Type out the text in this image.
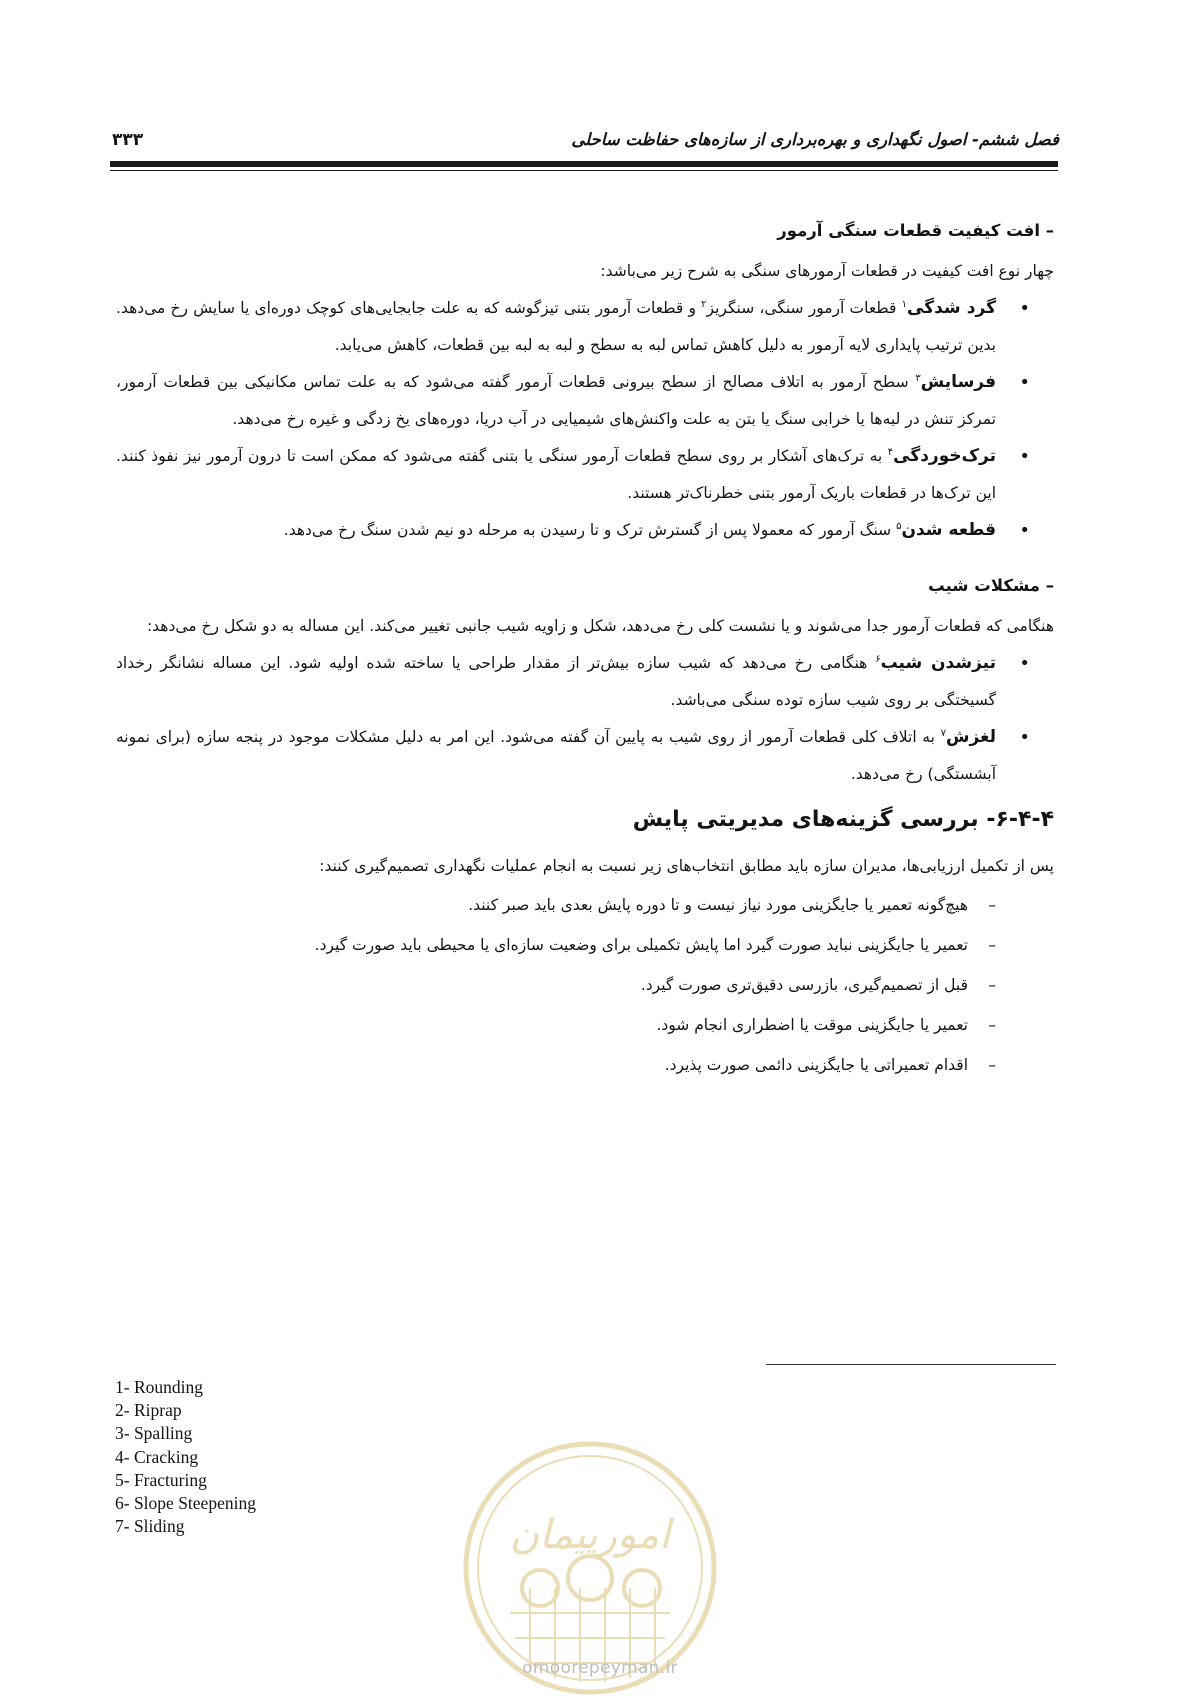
فصل ششم- اصول نگهداری و بهره‌برداری از سازه‌های حفاظت ساحلی
۳۳۳
– افت کیفیت قطعات سنگی آرمور

چهار نوع افت کیفیت در قطعات آرمورهای سنگی به شرح زیر می‌باشد:

• گرد شدگی$^۱$ قطعات آرمور سنگی، سنگریز$^۲$ و قطعات آرمور بتنی تیزگوشه که به علت جابجایی‌های کوچک دوره‌ای یا سایش رخ می‌دهد. بدین ترتیب پایداری لایه آرمور به دلیل کاهش تماس لبه به سطح و لبه به لبه بین قطعات، کاهش می‌یابد.
• فرسایش$^۳$ سطح آرمور به اتلاف مصالح از سطح بیرونی قطعات آرمور گفته می‌شود که به علت تماس مکانیکی بین قطعات آرمور، تمرکز تنش در لبه‌ها یا خرابی سنگ یا بتن به علت واکنش‌های شیمیایی در آب دریا، دوره‌های یخ زدگی و غیره رخ می‌دهد.
• ترک‌خوردگی$^۴$ به ترک‌های آشکار بر روی سطح قطعات آرمور سنگی یا بتنی گفته می‌شود که ممکن است تا درون آرمور نیز نفوذ کنند. این ترک‌ها در قطعات باریک آرمور بتنی خطرناک‌تر هستند.
• قطعه شدن$^۵$ سنگ آرمور که معمولا پس از گسترش ترک و تا رسیدن به مرحله دو نیم شدن سنگ رخ می‌دهد.
– مشکلات شیب

هنگامی که قطعات آرمور جدا می‌شوند و یا نشست کلی رخ می‌دهد، شکل و زاویه شیب جانبی تغییر می‌کند. این مساله به دو شکل رخ می‌دهد:

• تیزشدن شیب$^۶$ هنگامی رخ می‌دهد که شیب سازه بیش‌تر از مقدار طراحی یا ساخته شده اولیه شود. این مساله نشانگر رخداد گسیختگی بر روی شیب سازه توده سنگی می‌باشد.
• لغزش$^۷$ به اتلاف کلی قطعات آرمور از روی شیب به پایین آن گفته می‌شود. این امر به دلیل مشکلات موجود در پنجه سازه (برای نمونه آبشستگی) رخ می‌دهد.
۶-۴-۴- بررسی گزینه‌های مدیریتی پایش

پس از تکمیل ارزیابی‌ها، مدیران سازه باید مطابق انتخاب‌های زیر نسبت به انجام عملیات نگهداری تصمیم‌گیری کنند:

– هیچ‌گونه تعمیر یا جایگزینی مورد نیاز نیست و تا دوره پایش بعدی باید صبر کنند.
– تعمیر یا جایگزینی نباید صورت گیرد اما پایش تکمیلی برای وضعیت سازه‌ای یا محیطی باید صورت گیرد.
– قبل از تصمیم‌گیری، بازرسی دقیق‌تری صورت گیرد.
– تعمیر یا جایگزینی موقت یا اضطراری انجام شود.
– اقدام تعمیراتی یا جایگزینی دائمی صورت پذیرد.
1- Rounding
2- Riprap
3- Spalling
4- Cracking
5- Fracturing
6- Slope Steepening
7- Sliding	امورپیمان
omoorepeyman.ir
